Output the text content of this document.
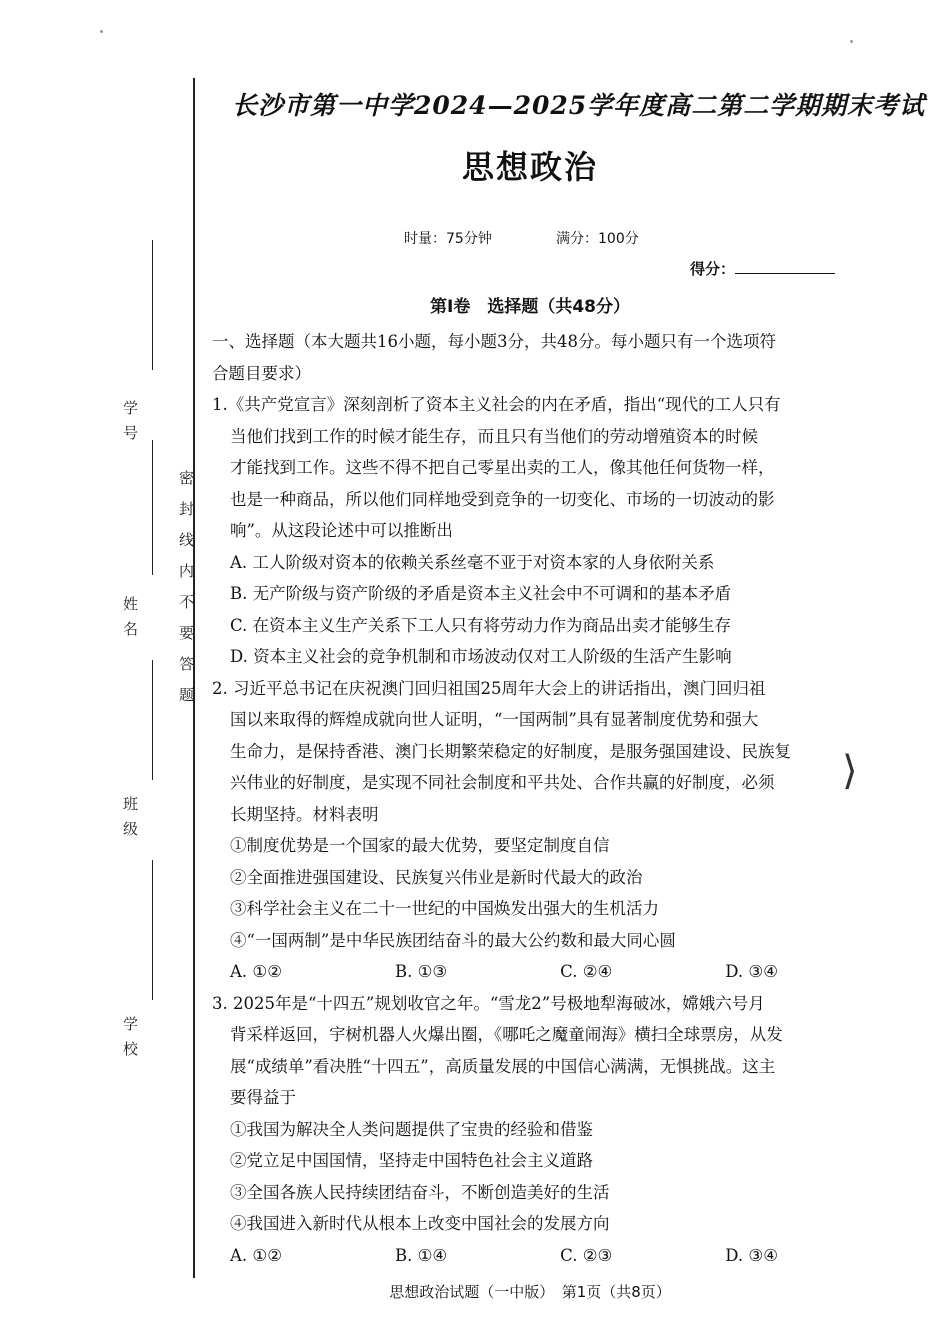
密封线内不要答题
学号
姓名
班级
学校
长沙市第一中学2024—2025学年度高二第二学期期末考试
思想政治
时量：75分钟	满分：100分
得分：
第Ⅰ卷　选择题（共48分）

一、选择题（本大题共16小题，每小题3分，共48分。每小题只有一个选项符

合题目要求）

1.《共产党宣言》深刻剖析了资本主义社会的内在矛盾，指出“现代的工人只有

当他们找到工作的时候才能生存，而且只有当他们的劳动增殖资本的时候

才能找到工作。这些不得不把自己零星出卖的工人，像其他任何货物一样，

也是一种商品，所以他们同样地受到竞争的一切变化、市场的一切波动的影

响”。从这段论述中可以推断出

A. 工人阶级对资本的依赖关系丝毫不亚于对资本家的人身依附关系

B. 无产阶级与资产阶级的矛盾是资本主义社会中不可调和的基本矛盾

C. 在资本主义生产关系下工人只有将劳动力作为商品出卖才能够生存

D. 资本主义社会的竞争机制和市场波动仅对工人阶级的生活产生影响

2. 习近平总书记在庆祝澳门回归祖国25周年大会上的讲话指出，澳门回归祖

国以来取得的辉煌成就向世人证明，“一国两制”具有显著制度优势和强大

生命力，是保持香港、澳门长期繁荣稳定的好制度，是服务强国建设、民族复

兴伟业的好制度，是实现不同社会制度和平共处、合作共赢的好制度，必须

长期坚持。材料表明

①制度优势是一个国家的最大优势，要坚定制度自信

②全面推进强国建设、民族复兴伟业是新时代最大的政治

③科学社会主义在二十一世纪的中国焕发出强大的生机活力

④“一国两制”是中华民族团结奋斗的最大公约数和最大同心圆

A. ①②	B. ①③	C. ②④	D. ③④

3. 2025年是“十四五”规划收官之年。“雪龙2”号极地犁海破冰，嫦娥六号月

背采样返回，宇树机器人火爆出圈，《哪吒之魔童闹海》横扫全球票房，从发

展“成绩单”看决胜“十四五”，高质量发展的中国信心满满，无惧挑战。这主

要得益于

①我国为解决全人类问题提供了宝贵的经验和借鉴

②党立足中国国情，坚持走中国特色社会主义道路

③全国各族人民持续团结奋斗，不断创造美好的生活

④我国进入新时代从根本上改变中国社会的发展方向

A. ①②	B. ①④	C. ②③	D. ③④
⟩
思想政治试题（一中版）　第1页（共8页）
